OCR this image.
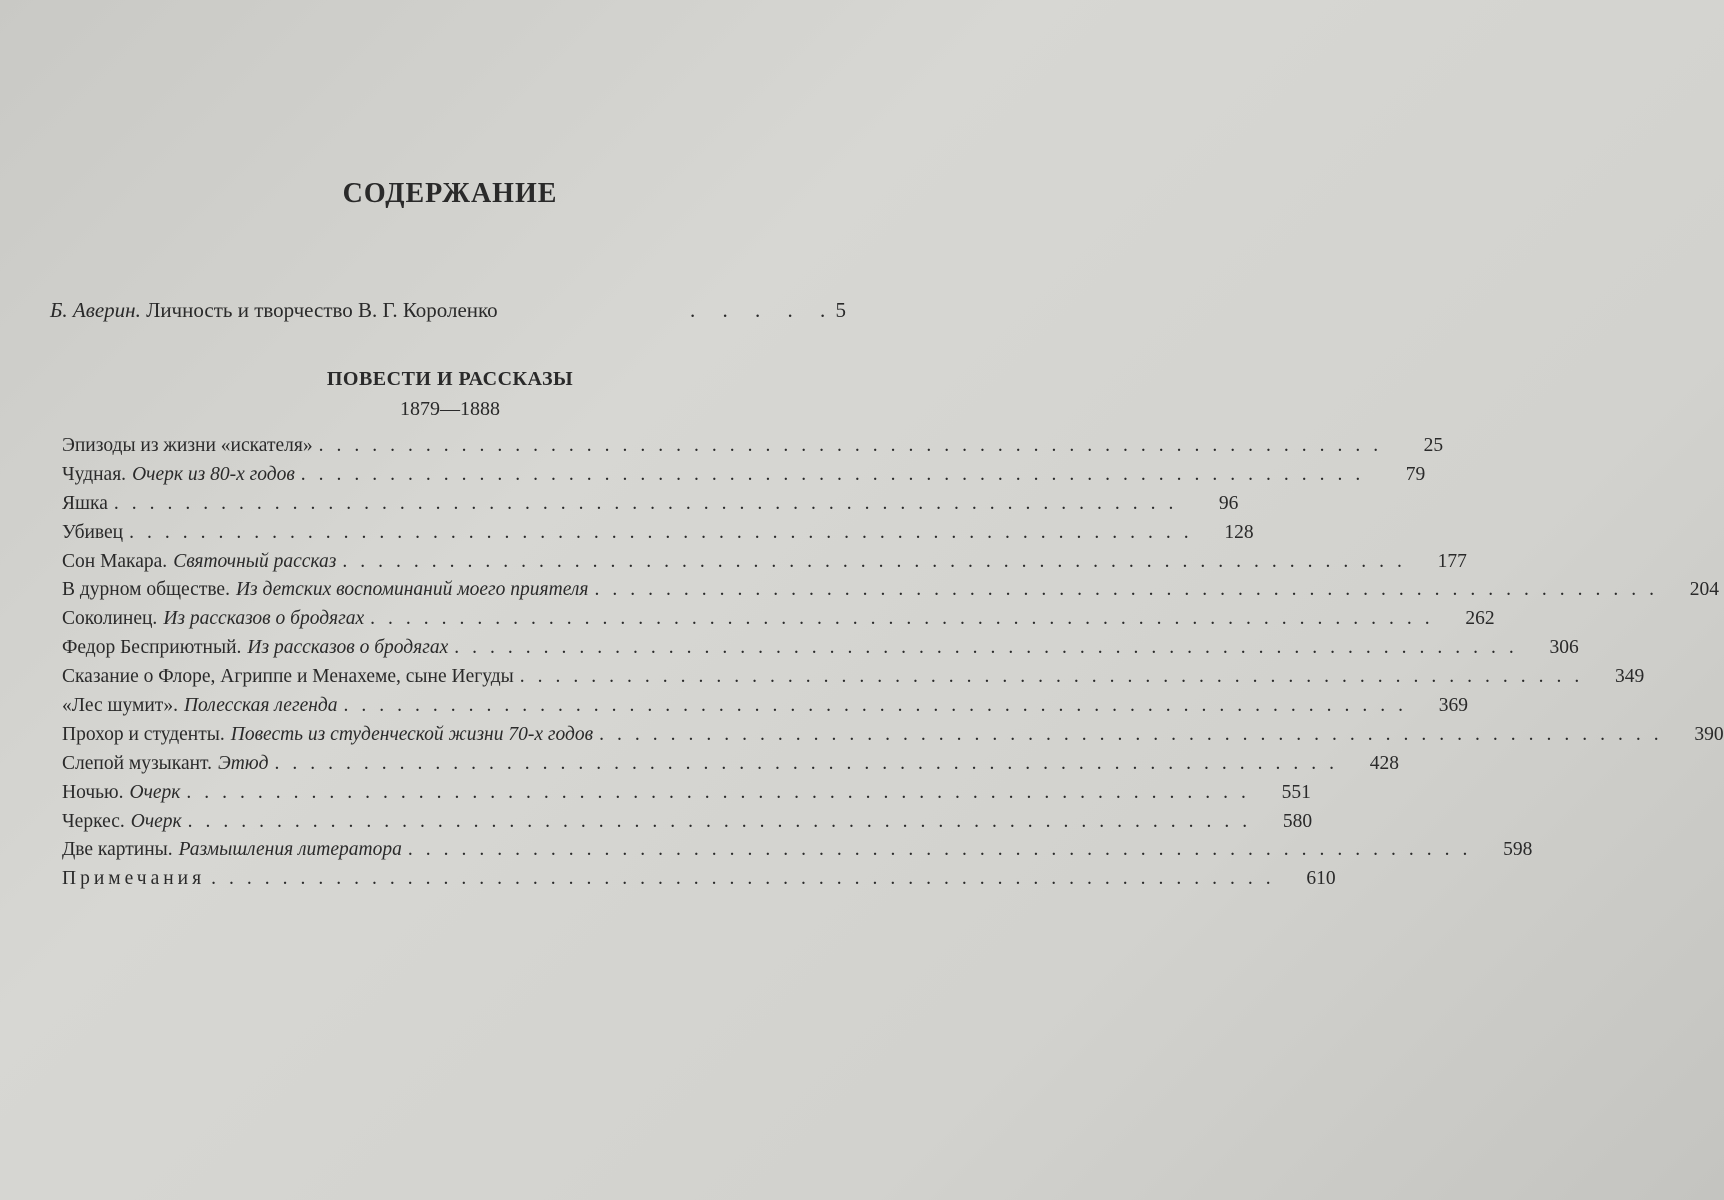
СОДЕРЖАНИЕ
Б. Аверин. Личность и творчество В. Г. Короленко	. . . . . 5
ПОВЕСТИ И РАССКАЗЫ
1879—1888
Эпизоды из жизни «искателя» ............................................................	25
Чудная. Очерк из 80-х годов ............................................................	79
Яшка ............................................................	96
Убивец ............................................................	128
Сон Макара. Святочный рассказ ............................................................	177
В дурном обществе. Из детских воспоминаний моего приятеля ............................................................	204
Соколинец. Из рассказов о бродягах ............................................................	262
Федор Бесприютный. Из рассказов о бродягах ............................................................	306
Сказание о Флоре, Агриппе и Менахеме, сыне Иегуды ............................................................	349
«Лес шумит». Полесская легенда ............................................................	369
Прохор и студенты. Повесть из студенческой жизни 70-х годов ............................................................	390
Слепой музыкант. Этюд ............................................................	428
Ночью. Очерк ............................................................	551
Черкес. Очерк ............................................................	580
Две картины. Размышления литератора ............................................................	598
Примечания ............................................................	610
